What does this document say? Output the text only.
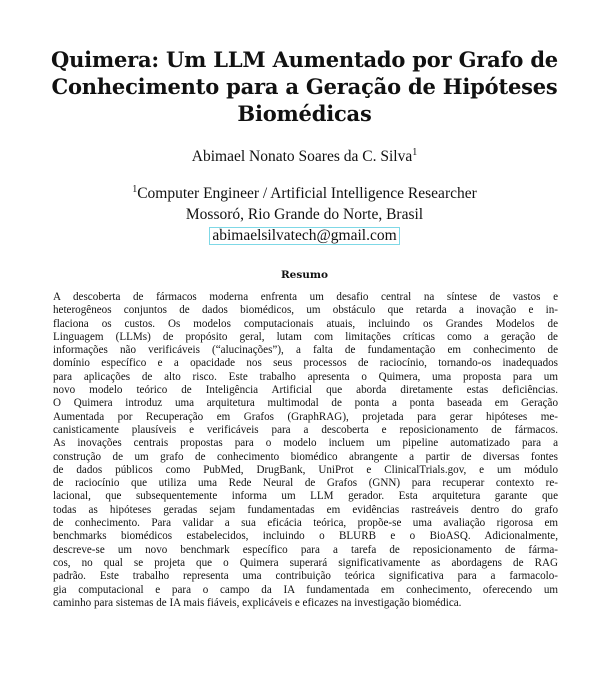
Quimera: Um LLM Aumentado por Grafo de
Conhecimento para a Geração de Hipóteses
Biomédicas
Abimael Nonato Soares da C. Silva$^1$
$^1$Computer Engineer / Artificial Intelligence Researcher
Mossoró, Rio Grande do Norte, Brasil
abimaelsilvatech@gmail.com
Resumo
A descoberta de fármacos moderna enfrenta um desafio central na síntese de vastos e
heterogêneos conjuntos de dados biomédicos, um obstáculo que retarda a inovação e in-
flaciona os custos. Os modelos computacionais atuais, incluindo os Grandes Modelos de
Linguagem (LLMs) de propósito geral, lutam com limitações críticas como a geração de
informações não verificáveis (“alucinações”), a falta de fundamentação em conhecimento de
domínio específico e a opacidade nos seus processos de raciocínio, tornando-os inadequados
para aplicações de alto risco. Este trabalho apresenta o Quimera, uma proposta para um
novo modelo teórico de Inteligência Artificial que aborda diretamente estas deficiências.
O Quimera introduz uma arquitetura multimodal de ponta a ponta baseada em Geração
Aumentada por Recuperação em Grafos (GraphRAG), projetada para gerar hipóteses me-
canisticamente plausíveis e verificáveis para a descoberta e reposicionamento de fármacos.
As inovações centrais propostas para o modelo incluem um pipeline automatizado para a
construção de um grafo de conhecimento biomédico abrangente a partir de diversas fontes
de dados públicos como PubMed, DrugBank, UniProt e ClinicalTrials.gov, e um módulo
de raciocínio que utiliza uma Rede Neural de Grafos (GNN) para recuperar contexto re-
lacional, que subsequentemente informa um LLM gerador. Esta arquitetura garante que
todas as hipóteses geradas sejam fundamentadas em evidências rastreáveis dentro do grafo
de conhecimento. Para validar a sua eficácia teórica, propõe-se uma avaliação rigorosa em
benchmarks biomédicos estabelecidos, incluindo o BLURB e o BioASQ. Adicionalmente,
descreve-se um novo benchmark específico para a tarefa de reposicionamento de fárma-
cos, no qual se projeta que o Quimera superará significativamente as abordagens de RAG
padrão. Este trabalho representa uma contribuição teórica significativa para a farmacolo-
gia computacional e para o campo da IA fundamentada em conhecimento, oferecendo um
caminho para sistemas de IA mais fiáveis, explicáveis e eficazes na investigação biomédica.
